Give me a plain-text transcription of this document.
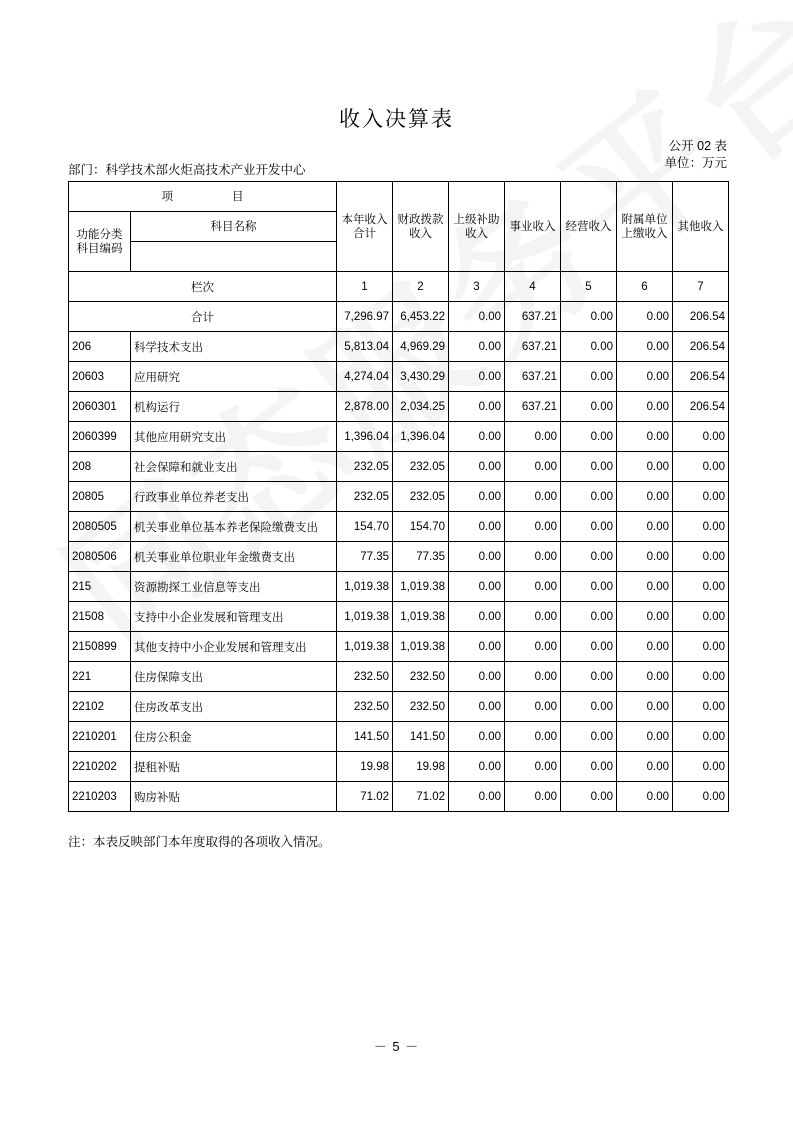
收入决算表
公开 02 表
单位：万元
部门：科学技术部火炬高技术产业开发中心
项　　目		本年收入合计	财政拨款收入	上级补助收入	事业收入	经营收入	附属单位上缴收入	其他收入

功能分类
科目编码	科目名称							

栏次		1	2	3	4	5	6	7
合计		7,296.97	6,453.22	0.00	637.21	0.00	0.00	206.54
206	科学技术支出	5,813.04	4,969.29	0.00	637.21	0.00	0.00	206.54
20603	应用研究	4,274.04	3,430.29	0.00	637.21	0.00	0.00	206.54
2060301	机构运行	2,878.00	2,034.25	0.00	637.21	0.00	0.00	206.54
2060399	其他应用研究支出	1,396.04	1,396.04	0.00	0.00	0.00	0.00	0.00
208	社会保障和就业支出	232.05	232.05	0.00	0.00	0.00	0.00	0.00
20805	行政事业单位养老支出	232.05	232.05	0.00	0.00	0.00	0.00	0.00
2080505	机关事业单位基本养老保险缴费支出	154.70	154.70	0.00	0.00	0.00	0.00	0.00
2080506	机关事业单位职业年金缴费支出	77.35	77.35	0.00	0.00	0.00	0.00	0.00
215	资源勘探工业信息等支出	1,019.38	1,019.38	0.00	0.00	0.00	0.00	0.00
21508	支持中小企业发展和管理支出	1,019.38	1,019.38	0.00	0.00	0.00	0.00	0.00
2150899	其他支持中小企业发展和管理支出	1,019.38	1,019.38	0.00	0.00	0.00	0.00	0.00
221	住房保障支出	232.50	232.50	0.00	0.00	0.00	0.00	0.00
22102	住房改革支出	232.50	232.50	0.00	0.00	0.00	0.00	0.00
2210201	住房公积金	141.50	141.50	0.00	0.00	0.00	0.00	0.00
2210202	提租补贴	19.98	19.98	0.00	0.00	0.00	0.00	0.00
2210203	购房补贴	71.02	71.02	0.00	0.00	0.00	0.00	0.00
注：本表反映部门本年度取得的各项收入情况。
－ 5 －
